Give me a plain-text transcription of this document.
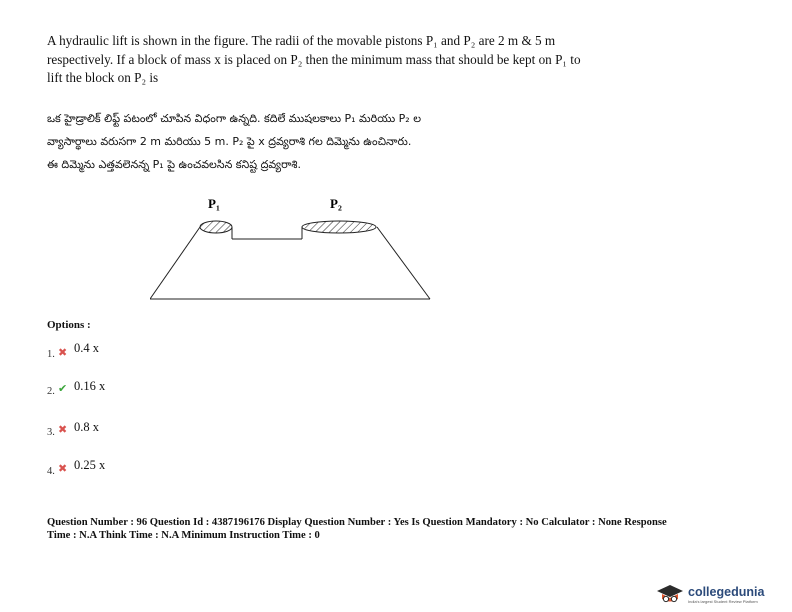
A hydraulic lift is shown in the figure. The radii of the movable pistons P₁ and P₂ are 2 m & 5 m respectively. If a block of mass x is placed on P₂ then the minimum mass that should be kept on P₁ to lift the block on P₂ is
ఒక హైడ్రాలిక్ లిఫ్ట్ పటంలో చూపిన విధంగా ఉన్నది. కదిలే ముషలకాలు P₁ మరియు P₂ ల
వ్యాసార్థాలు వరుసగా 2 m మరియు 5 m. P₂ పై x ద్రవ్యరాశి గల దిమ్మెను ఉంచినారు.
ఈ దిమ్మెను ఎత్తవలెనన్న P₁ పై ఉంచవలసిన కనిష్ట ద్రవ్యరాశి.
P₁	P₂
Options :
1. ✖ 0.4 x
2. ✔ 0.16 x
3. ✖ 0.8 x
4. ✖ 0.25 x
Question Number : 96 Question Id : 4387196176 Display Question Number : Yes Is Question Mandatory : No Calculator : None Response
Time : N.A Think Time : N.A Minimum Instruction Time : 0
collegedunia
India's largest Student Review Platform
